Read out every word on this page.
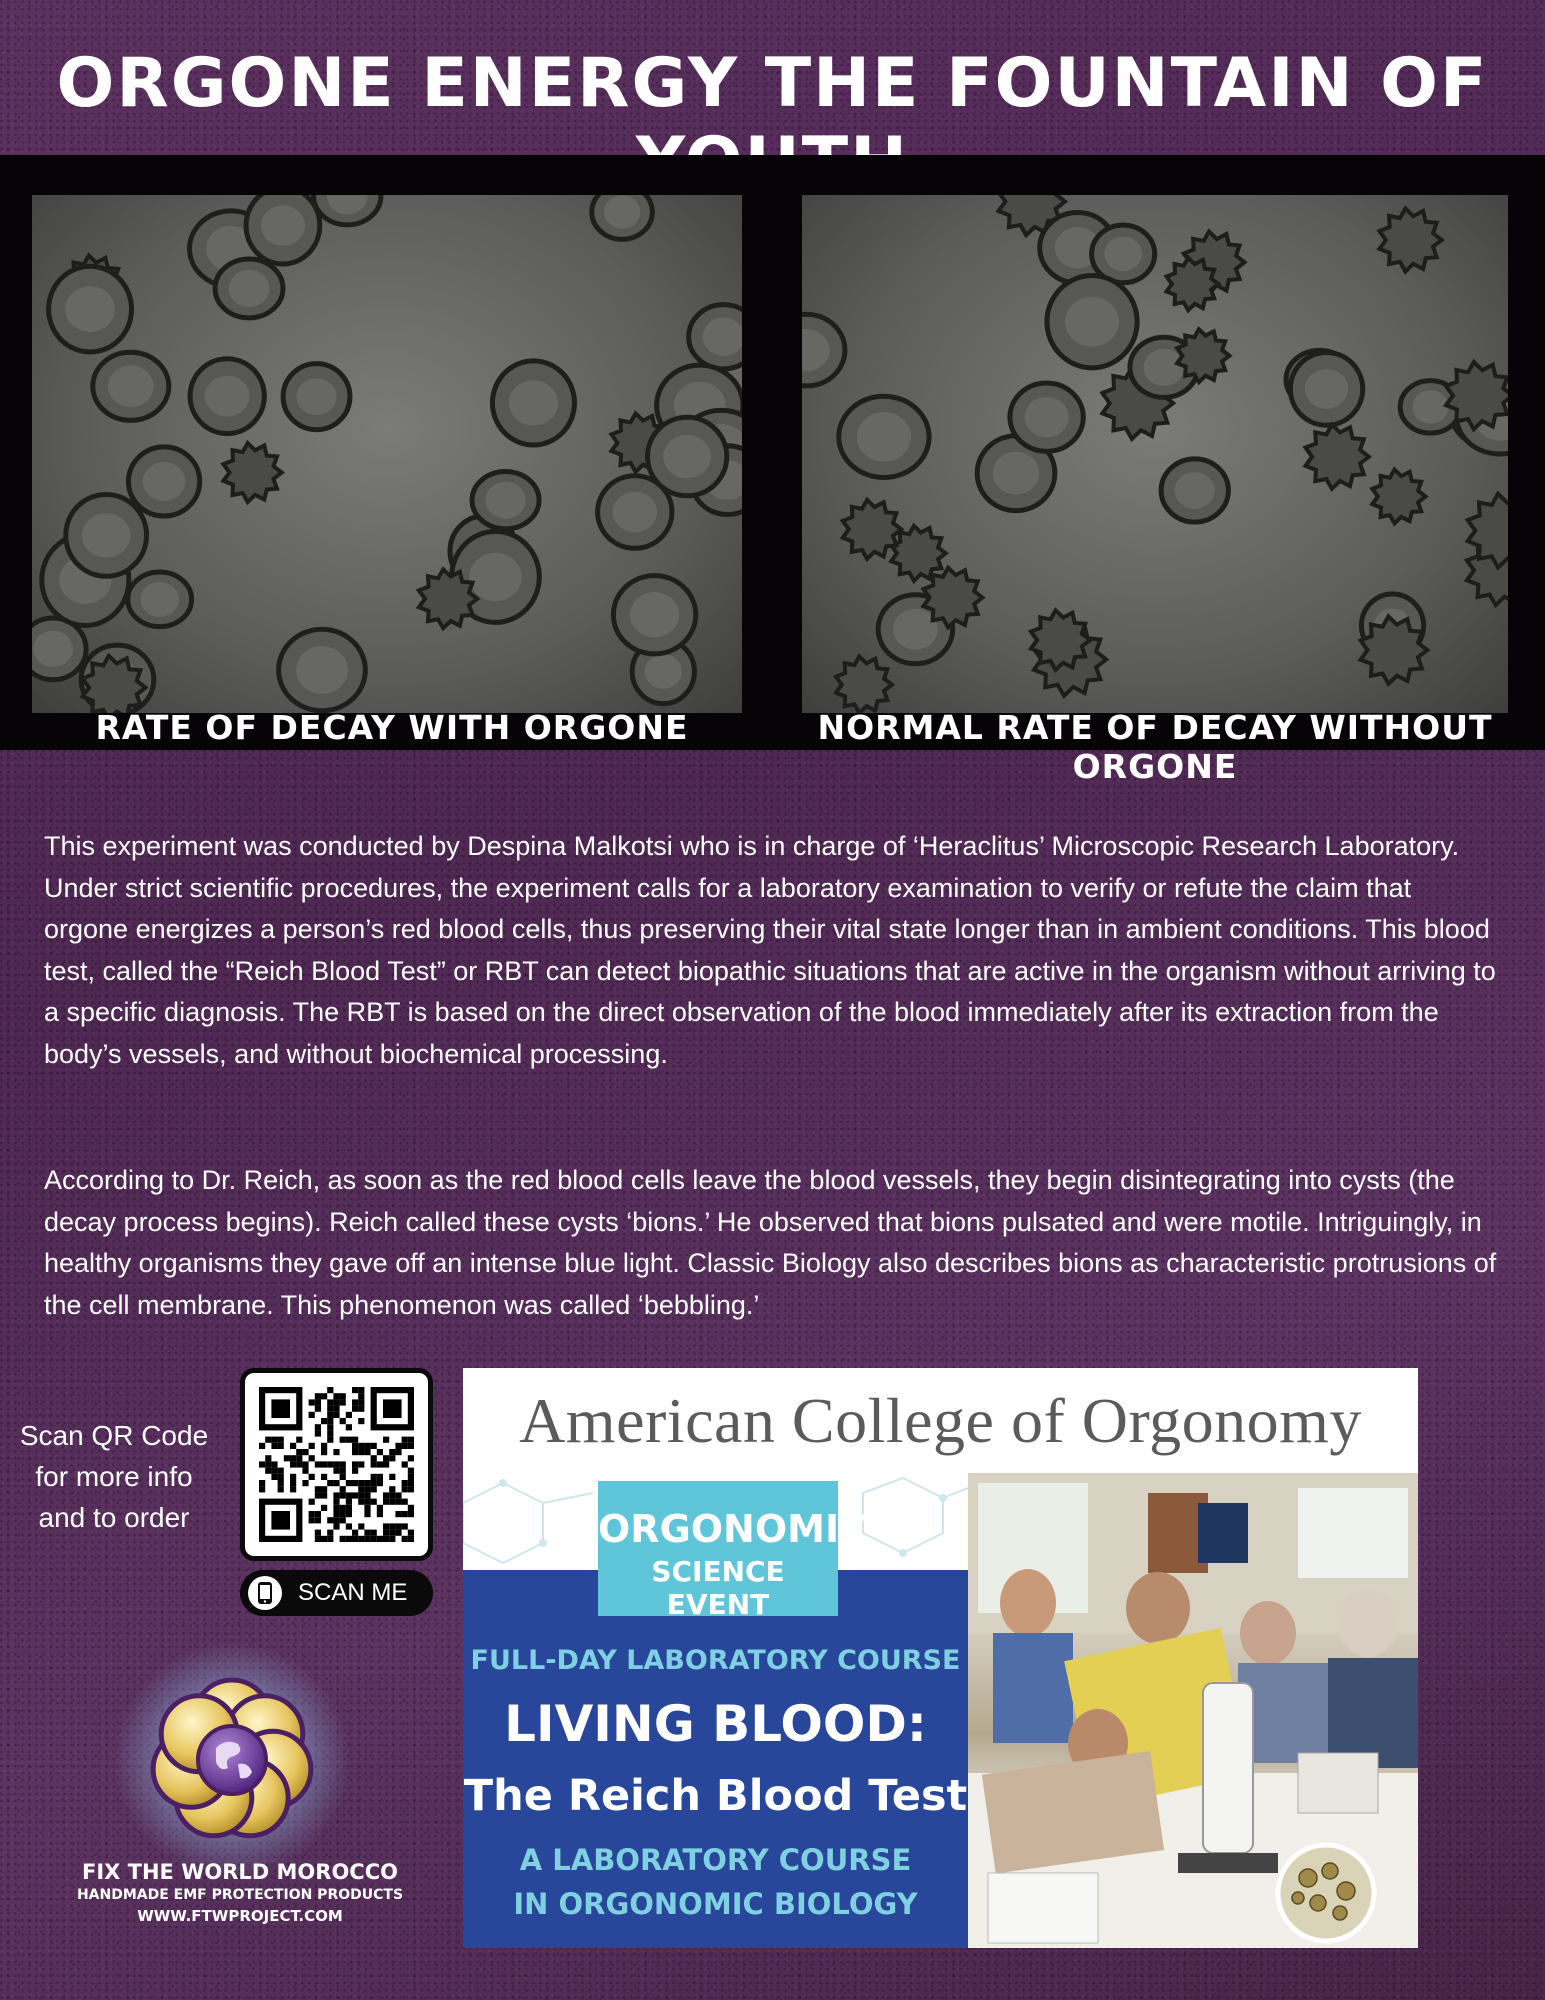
ORGONE ENERGY THE FOUNTAIN OF
RATE OF DECAY WITH ORGONE	NORMAL RATE OF DECAY WITHOUT ORGONE
This experiment was conducted by Despina Malkotsi who is in charge of ‘Heraclitus’ Microscopic Research Laboratory. Under strict scientific procedures, the experiment calls for a laboratory examination to verify or refute the claim that orgone energizes a person’s red blood cells, thus preserving their vital state longer than in ambient conditions. This blood test, called the “Reich Blood Test” or RBT can detect biopathic situations that are active in the organism without arriving to a specific diagnosis. The RBT is based on the direct observation of the blood immediately after its extraction from the body’s vessels, and without biochemical processing.
According to Dr. Reich, as soon as the red blood cells leave the blood vessels, they begin disintegrating into cysts (the decay process begins). Reich called these cysts ‘bions.’ He observed that bions pulsated and were motile. Intriguingly, in healthy organisms they gave off an intense blue light. Classic Biology also describes bions as characteristic protrusions of the cell membrane. This phenomenon was called ‘bebbling.’
Scan QR Code for more info and to order
SCAN ME
FIX THE WORLD MOROCCO
HANDMADE EMF PROTECTION PRODUCTS
WWW.FTWPROJECT.COM
American College of Orgonomy
ORGONOMIC
SCIENCE EVENT
FULL-DAY LABORATORY COURSE
LIVING BLOOD:
The Reich Blood Test
A LABORATORY COURSE
IN ORGONOMIC BIOLOGY
